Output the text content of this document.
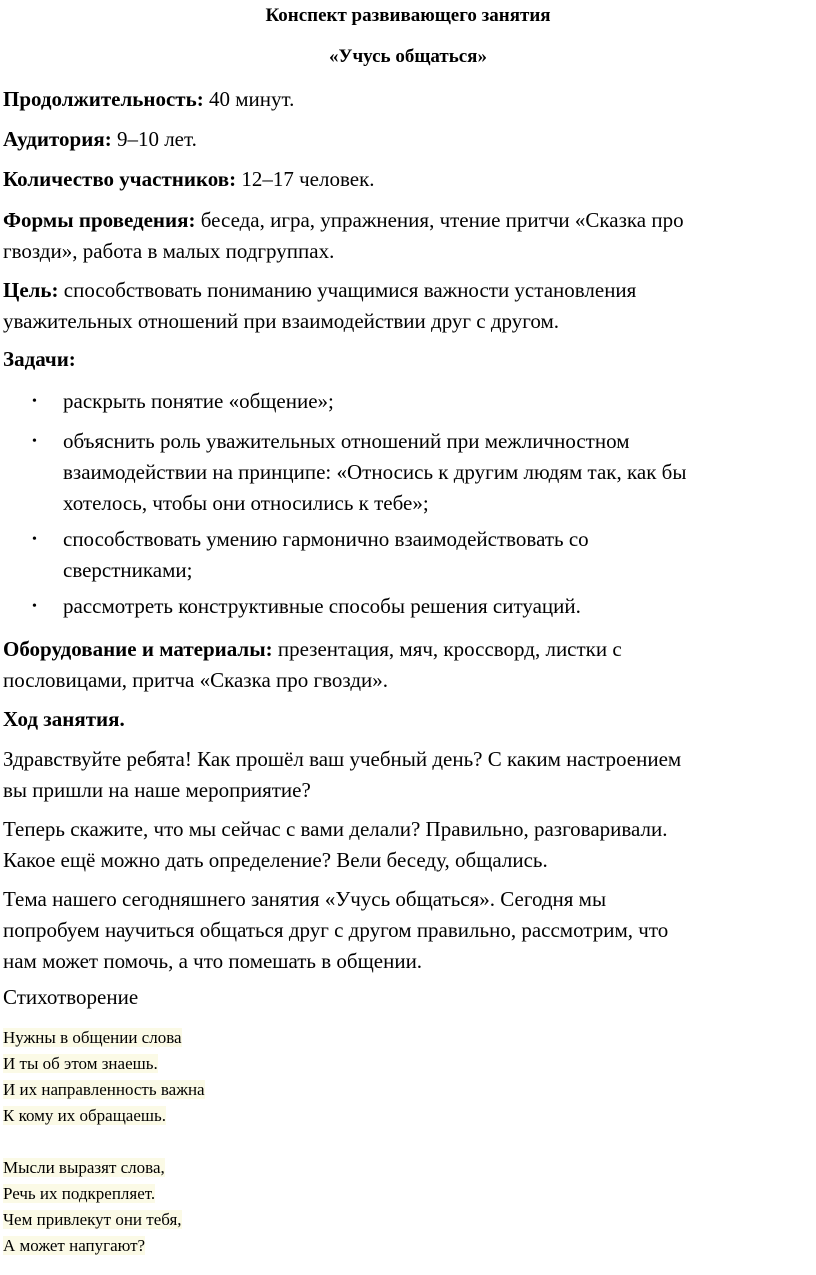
Конспект развивающего занятия
«Учусь общаться»
Продолжительность: 40 минут.
Аудитория: 9–10 лет.
Количество участников: 12–17 человек.
Формы проведения: беседа, игра, упражнения, чтение притчи «Сказка про
гвозди», работа в малых подгруппах.
Цель: способствовать пониманию учащимися важности установления
уважительных отношений при взаимодействии друг с другом.
Задачи:
• раскрыть понятие «общение»;
• объяснить роль уважительных отношений при межличностном
взаимодействии на принципе: «Относись к другим людям так, как бы
хотелось, чтобы они относились к тебе»;
• способствовать умению гармонично взаимодействовать со
сверстниками;
• рассмотреть конструктивные способы решения ситуаций.
Оборудование и материалы: презентация, мяч, кроссворд, листки с
пословицами, притча «Сказка про гвозди».
Ход занятия.
Здравствуйте ребята! Как прошёл ваш учебный день? С каким настроением
вы пришли на наше мероприятие?
Теперь скажите, что мы сейчас с вами делали? Правильно, разговаривали.
Какое ещё можно дать определение? Вели беседу, общались.
Тема нашего сегодняшнего занятия «Учусь общаться». Сегодня мы
попробуем научиться общаться друг с другом правильно, рассмотрим, что
нам может помочь, а что помешать в общении.
Стихотворение
Нужны в общении слова
И ты об этом знаешь.
И их направленность важна
К кому их обращаешь.
Мысли выразят слова,
Речь их подкрепляет.
Чем привлекут они тебя,
А может напугают?
